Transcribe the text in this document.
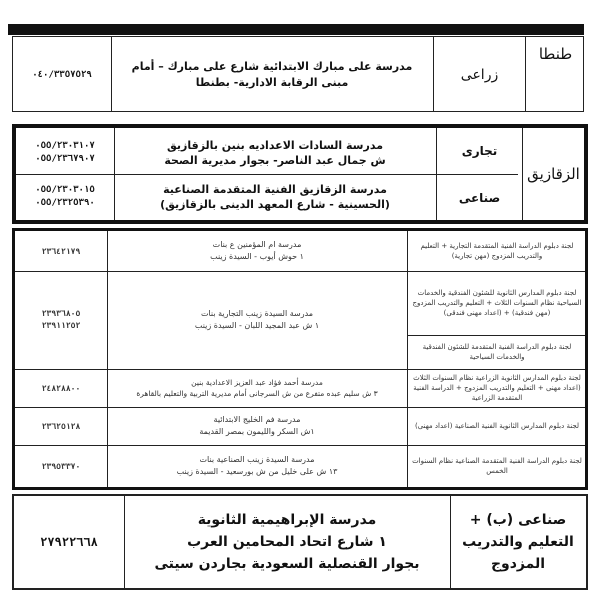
٠٤٠/٣٣٥٧٥٢٩
مدرسة على مبارك الابتدائية شارع على مبارك – أمام مبنى الرقابة الادارية- بطنطا	زراعى
طنطا
٠٥٥/٢٣٠٣١٠٧
٠٥٥/٢٣٦٧٩٠٧
مدرسة السادات الاعداديه بنين بالزقازيق
ش جمال عبد الناصر- بجوار مديرية الصحة
تجارى
٠٥٥/٢٣٠٣٠١٥
٠٥٥/٢٣٢٥٣٩٠
مدرسة الزقازيق الفنية المتقدمة الصناعية
(الحسينية - شارع المعهد الدينى بالزقازيق)	صناعى
الزقازيق
٢٣٦٤٢١٧٩
مدرسة ام المؤمنين ع بنات
١ حوش أيوب - السيدة زينب
لجنة دبلوم الدراسة الفنية المتقدمة التجارية + التعليم والتدريب المزدوج (مهن تجارية)
٢٣٩٣٦٨٠٥
٢٣٩١١٢٥٢
مدرسة السيدة زينب التجارية بنات
١ ش عبد المجيد اللبان - السيدة زينب
لجنة دبلوم المدارس الثانوية للشئون الفندقية والخدمات السياحية نظام السنوات الثلاث + التعليم والتدريب المزدوج (مهن فندقية) + (اعداد مهنى فندقى)
لجنة دبلوم الدراسة الفنية المتقدمة للشئون الفندقية والخدمات السياحية
٢٤٨٢٨٨٠٠
مدرسة أحمد فؤاد عبد العزيز الاعدادية بنين
٣ ش سليم عبده متفرع من ش السرجانى أمام مديرية التربية والتعليم بالقاهرة
لجنة دبلوم المدارس الثانوية الزراعية نظام السنوات الثلاث (اعداد مهنى + التعليم والتدريب المزدوج + الدراسة الفنية المتقدمة الزراعية
٢٣٦٢٥١٢٨
مدرسة فم الخليج الابتدائية
١ش السكر والليمون بمصر القديمة
لجنة دبلوم المدارس الثانوية الفنية الصناعية (اعداد مهنى)
٢٣٩٥٣٣٧٠
مدرسة السيدة زينب الصناعية بنات
١٣ ش على خليل من ش بورسعيد - السيدة زينب
لجنة دبلوم الدراسة الفنية المتقدمة الصناعية نظام السنوات الخمس
٢٧٩٢٢٦٦٨
مدرسة الإبراهيمية الثانوية
١ شارع اتحاد المحامين العرب
بجوار القنصلية السعودية بجاردن سيتى
صناعى (ب) +
التعليم والتدريب
المزدوج
